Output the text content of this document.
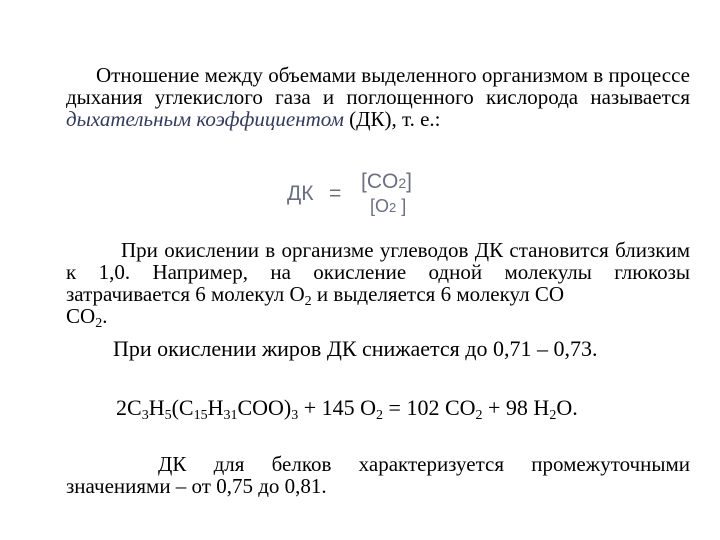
Отношение между объемами выделенного организмом в процессе дыхания углекислого газа и поглощенного кислорода называется дыхательным коэффициентом (ДК), т. е.:

ДК =
[CO2]
[O2 ]

При окислении в организме углеводов ДК становится близким к 1,0. Например, на окисление одной молекулы глюкозы затрачивается 6 молекул $O_2$ и выделяется 6 молекул CO

$CO_2$.

При окислении жиров ДК снижается до 0,71 – 0,73.

$2C_3H_5(C_{15}H_{31}COO)_3 + 145$ $O_2 = 102$ $CO_2 + 98$ $H_2O$.

ДК для белков характеризуется промежуточными значениями – от 0,75 до 0,81.
